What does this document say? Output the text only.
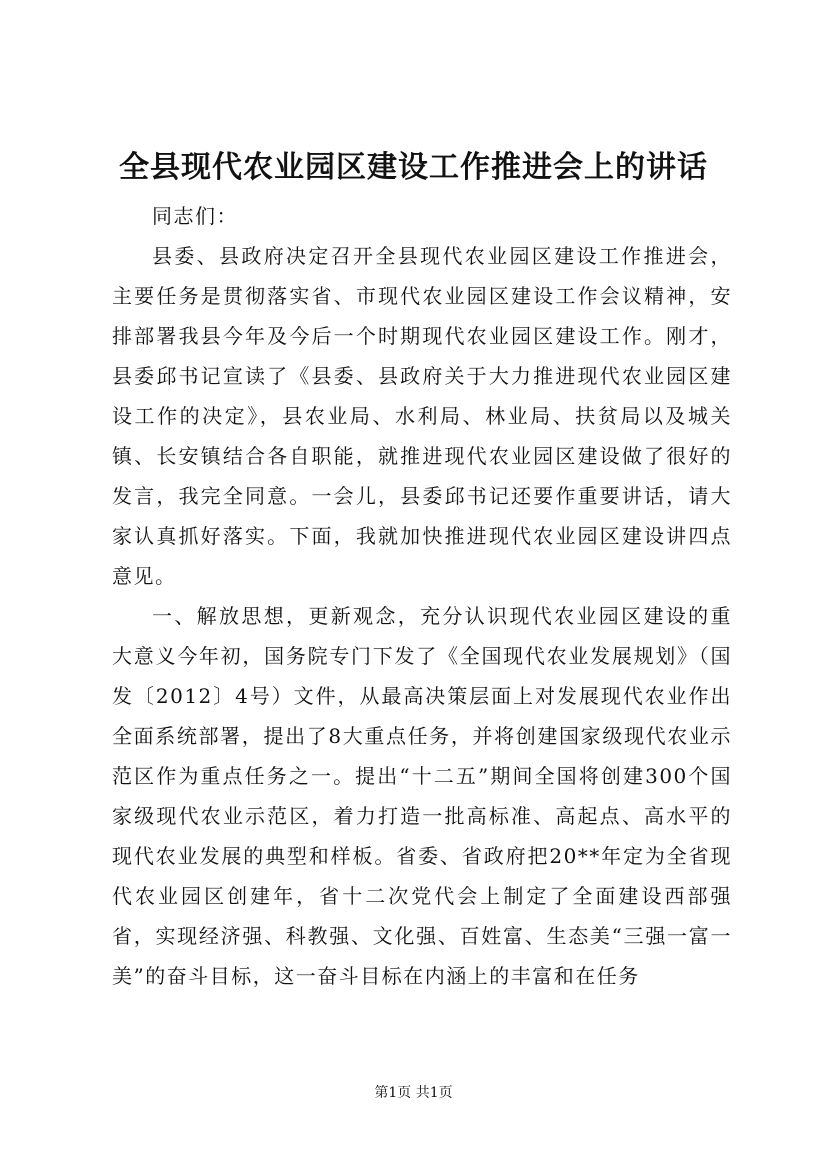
全县现代农业园区建设工作推进会上的讲话

同志们：

县委、县政府决定召开全县现代农业园区建设工作推进会，主要任务是贯彻落实省、市现代农业园区建设工作会议精神，安排部署我县今年及今后一个时期现代农业园区建设工作。刚才，县委邱书记宣读了《县委、县政府关于大力推进现代农业园区建设工作的决定》，县农业局、水利局、林业局、扶贫局以及城关镇、长安镇结合各自职能，就推进现代农业园区建设做了很好的发言，我完全同意。一会儿，县委邱书记还要作重要讲话，请大家认真抓好落实。下面，我就加快推进现代农业园区建设讲四点意见。

一、解放思想，更新观念，充分认识现代农业园区建设的重大意义今年初，国务院专门下发了《全国现代农业发展规划》（国发〔2012〕4号）文件，从最高决策层面上对发展现代农业作出全面系统部署，提出了8大重点任务，并将创建国家级现代农业示范区作为重点任务之一。提出“十二五”期间全国将创建300个国家级现代农业示范区，着力打造一批高标准、高起点、高水平的现代农业发展的典型和样板。省委、省政府把20**年定为全省现代农业园区创建年，省十二次党代会上制定了全面建设西部强省，实现经济强、科教强、文化强、百姓富、生态美“三强一富一美”的奋斗目标，这一奋斗目标在内涵上的丰富和在任务

第1页 共1页
